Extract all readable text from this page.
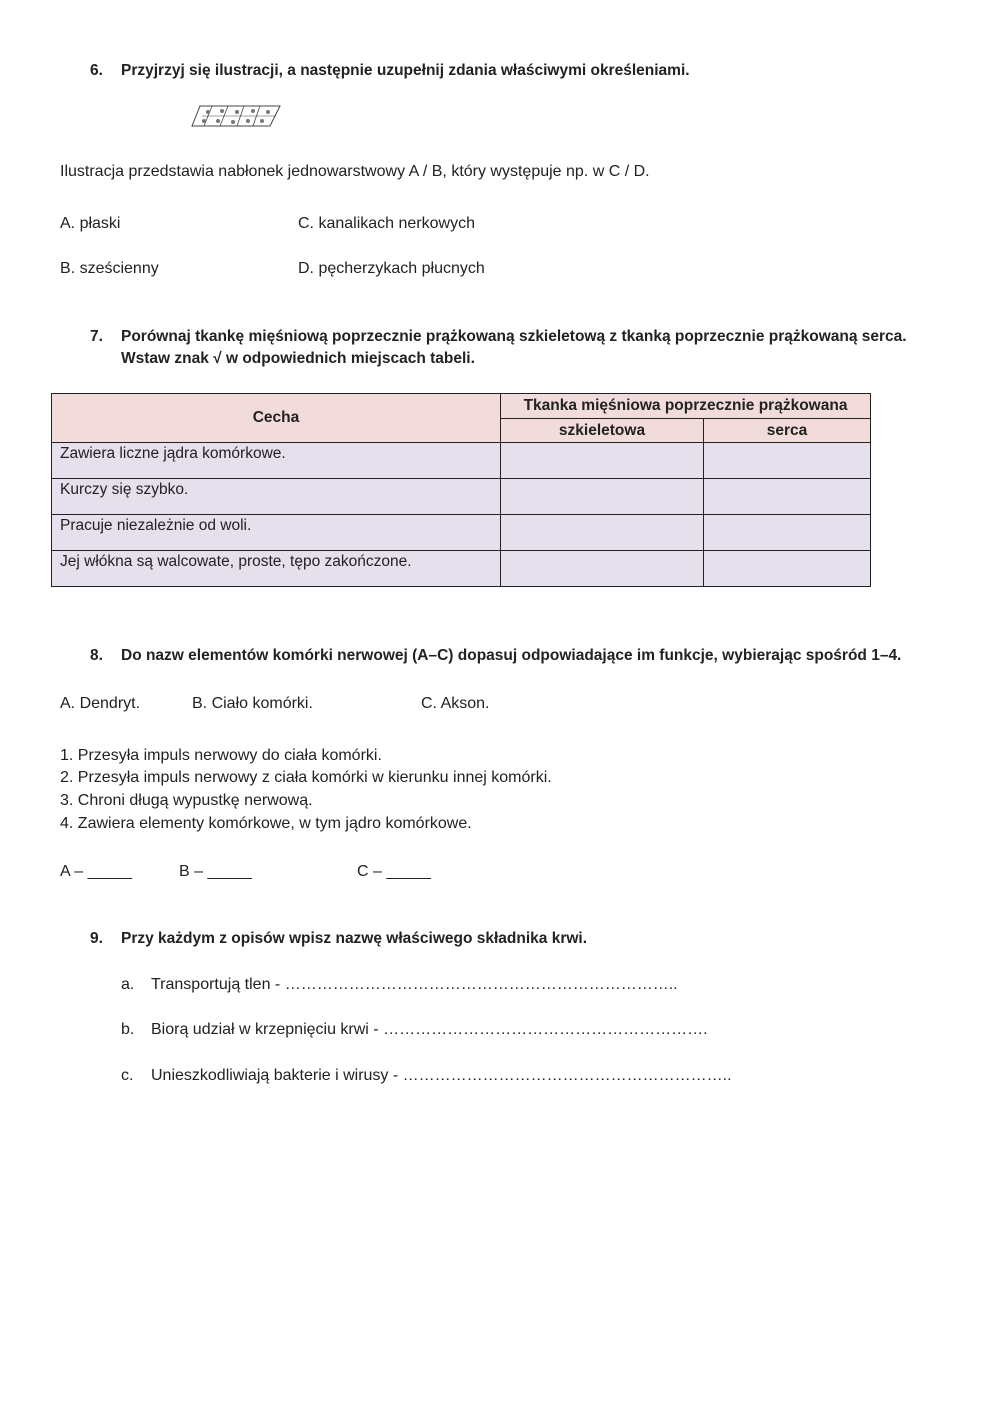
6. Przyjrzyj się ilustracji, a następnie uzupełnij zdania właściwymi określeniami.
Ilustracja przedstawia nabłonek jednowarstwowy A / B, który występuje np. w C / D.
A. płaski	C. kanalikach nerkowych
B. sześcienny	D. pęcherzykach płucnych
7. Porównaj tkankę mięśniową poprzecznie prążkowaną szkieletową z tkanką poprzecznie prążkowaną serca.
Wstaw znak √ w odpowiednich miejscach tabeli.
Cecha	Tkanka mięśniowa poprzecznie prążkowana	
	szkieletowa	serca
Zawiera liczne jądra komórkowe.		
Kurczy się szybko.		
Pracuje niezależnie od woli.		
Jej włókna są walcowate, proste, tępo zakończone.		
8. Do nazw elementów komórki nerwowej (A–C) dopasuj odpowiadające im funkcje, wybierając spośród 1–4.
A. Dendryt.	B. Ciało komórki.	C. Akson.
1. Przesyła impuls nerwowy do ciała komórki.
2. Przesyła impuls nerwowy z ciała komórki w kierunku innej komórki.
3. Chroni długą wypustkę nerwową.
4. Zawiera elementy komórkowe, w tym jądro komórkowe.
A – _____	B – _____	C – _____
9. Przy każdym z opisów wpisz nazwę właściwego składnika krwi.
a. Transportują tlen - ………………………………………………………………..
b. Biorą udział w krzepnięciu krwi - …………………………………………………….
c. Unieszkodliwiają bakterie i wirusy - ……………………………………………………..
